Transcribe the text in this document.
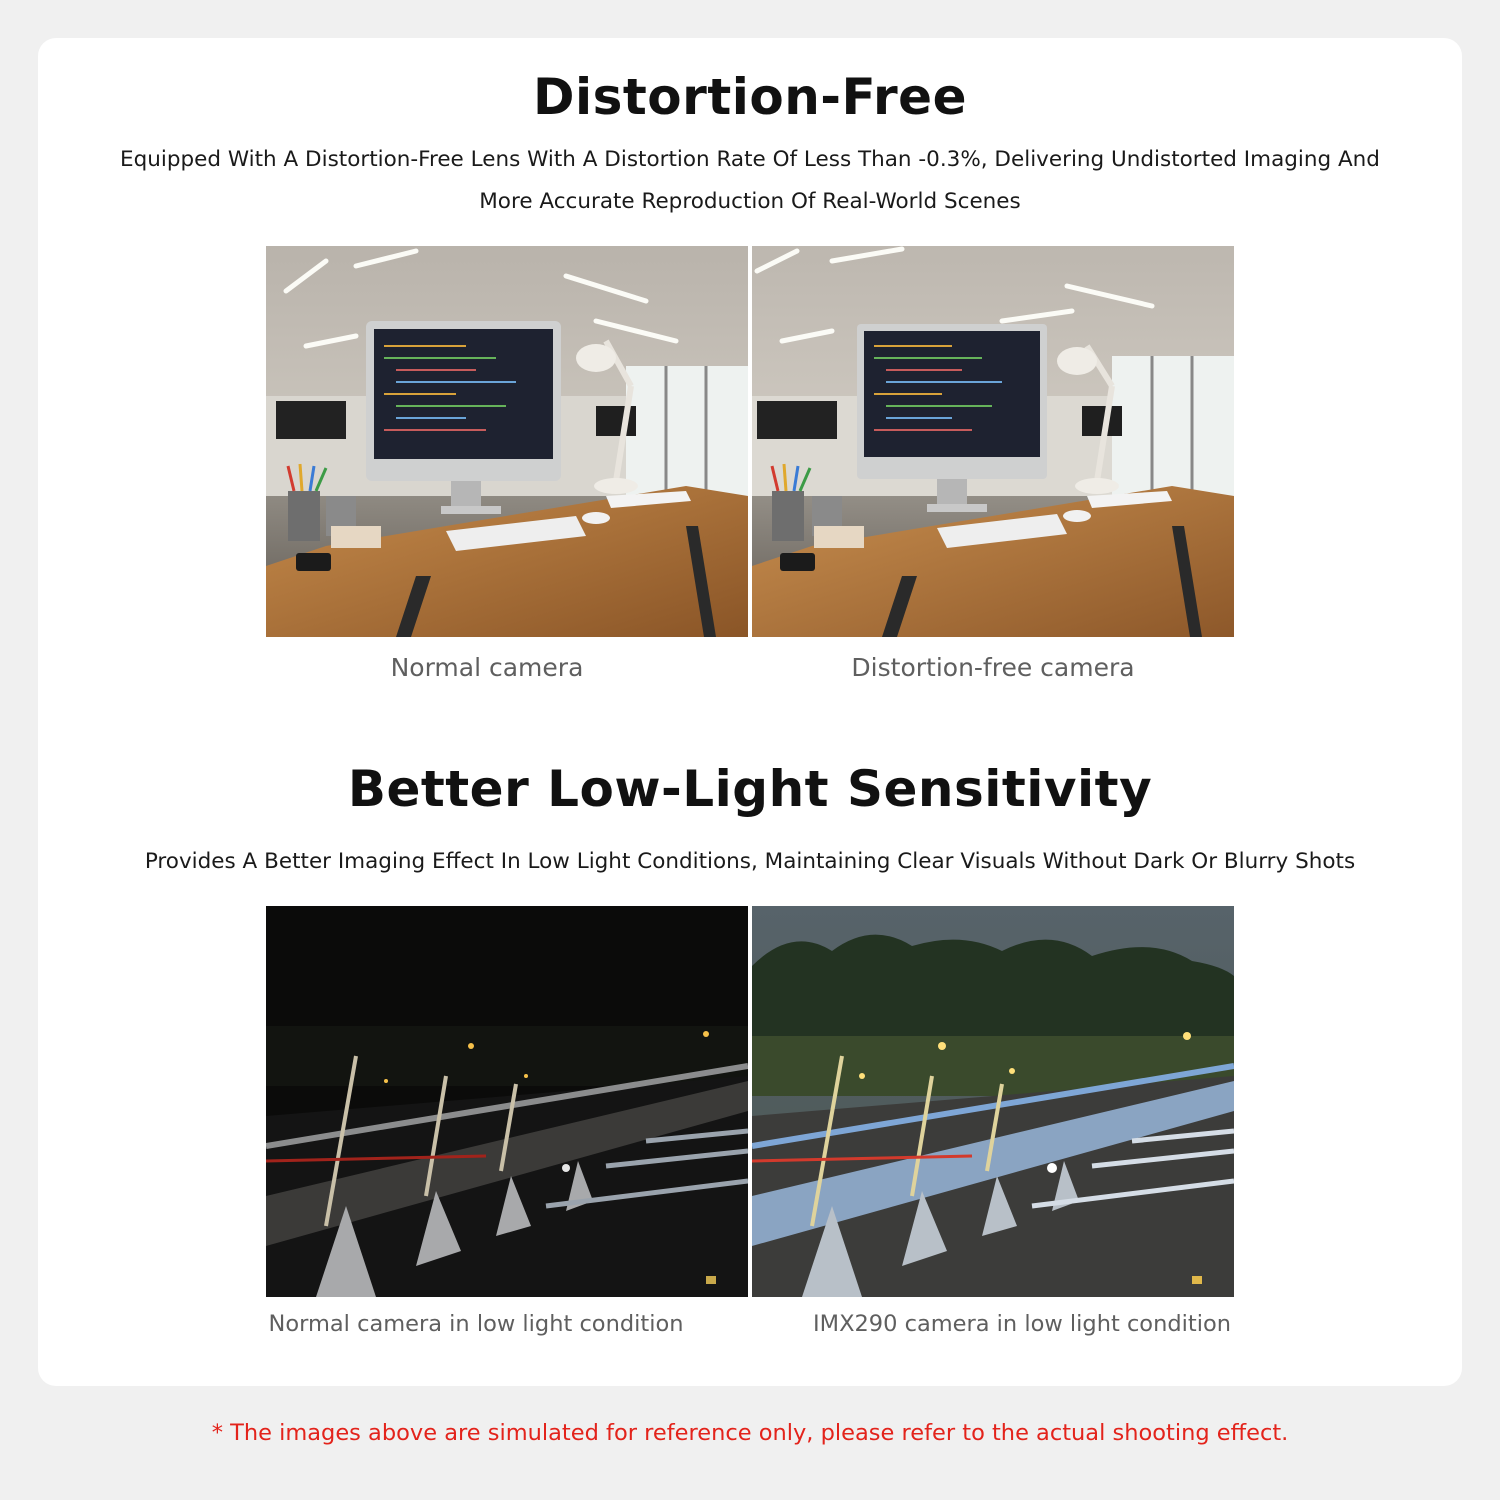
Distortion-Free

Equipped With A Distortion-Free Lens With A Distortion Rate Of Less Than -0.3%, Delivering Undistorted Imaging And
More Accurate Reproduction Of Real-World Scenes

Normal camera	Distortion-free camera
Better Low-Light Sensitivity

Provides A Better Imaging Effect In Low Light Conditions, Maintaining Clear Visuals Without Dark Or Blurry Shots

Normal camera in low light condition	IMX290 camera in low light condition
* The images above are simulated for reference only, please refer to the actual shooting effect.
